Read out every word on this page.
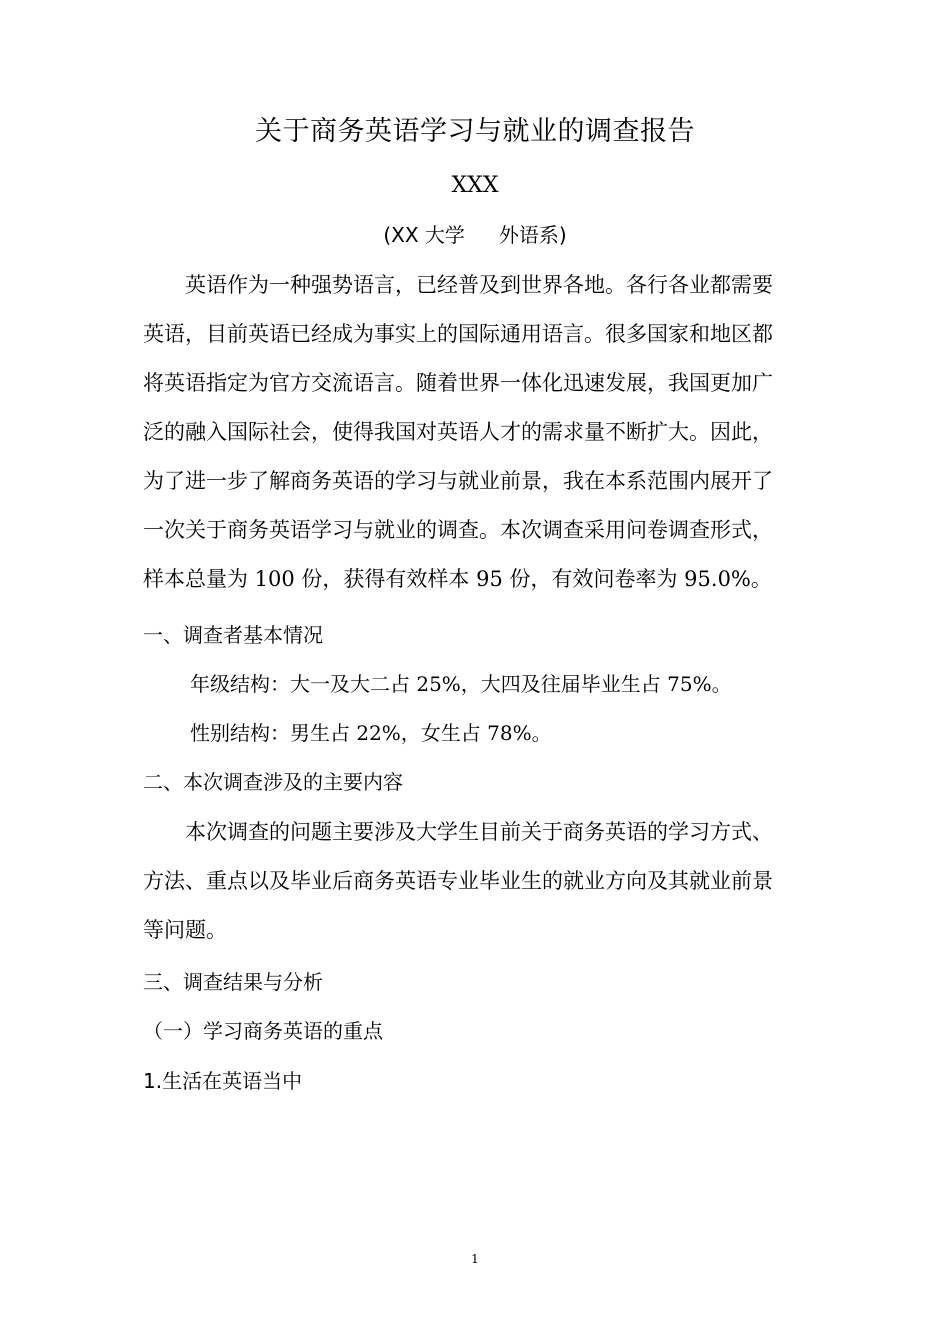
关于商务英语学习与就业的调查报告
XXX
(XX 大学 外语系)
　　英语作为一种强势语言，已经普及到世界各地。各行各业都需要
英语，目前英语已经成为事实上的国际通用语言。很多国家和地区都
将英语指定为官方交流语言。随着世界一体化迅速发展，我国更加广
泛的融入国际社会，使得我国对英语人才的需求量不断扩大。因此，
为了进一步了解商务英语的学习与就业前景，我在本系范围内展开了
一次关于商务英语学习与就业的调查。本次调查采用问卷调查形式，
样本总量为 100 份，获得有效样本 95 份，有效问卷率为 95.0%。
一、调查者基本情况
年级结构：大一及大二占 25%，大四及往届毕业生占 75%。
性别结构：男生占 22%，女生占 78%。
二、本次调查涉及的主要内容
　　本次调查的问题主要涉及大学生目前关于商务英语的学习方式、
方法、重点以及毕业后商务英语专业毕业生的就业方向及其就业前景
等问题。
三、调查结果与分析
（一）学习商务英语的重点
1.生活在英语当中
1
